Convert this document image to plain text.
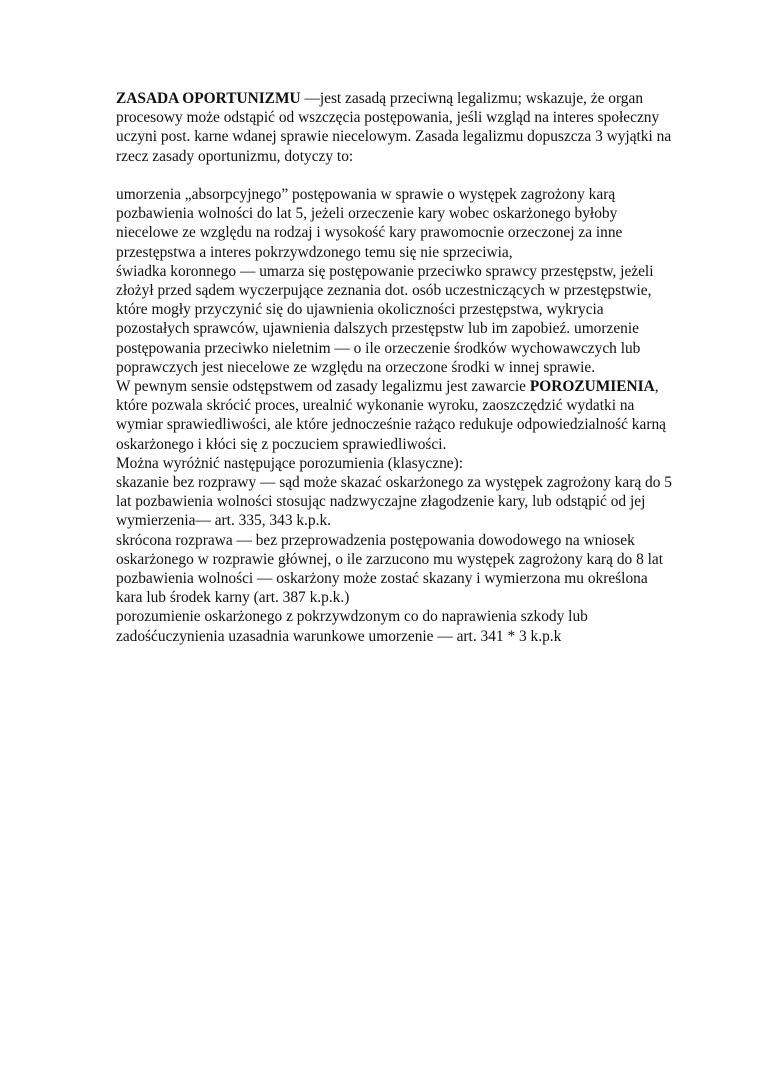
ZASADA OPORTUNIZMU —jest zasadą przeciwną legalizmu; wskazuje, że organ
procesowy może odstąpić od wszczęcia postępowania, jeśli wzgląd na interes społeczny
uczyni post. karne wdanej sprawie niecelowym. Zasada legalizmu dopuszcza 3 wyjątki na
rzecz zasady oportunizmu, dotyczy to:
umorzenia „absorpcyjnego” postępowania w sprawie o występek zagrożony karą
pozbawienia wolności do lat 5, jeżeli orzeczenie kary wobec oskarżonego byłoby
niecelowe ze względu na rodzaj i wysokość kary prawomocnie orzeczonej za inne
przestępstwa a interes pokrzywdzonego temu się nie sprzeciwia,
świadka koronnego — umarza się postępowanie przeciwko sprawcy przestępstw, jeżeli
złożył przed sądem wyczerpujące zeznania dot. osób uczestniczących w przestępstwie,
które mogły przyczynić się do ujawnienia okoliczności przestępstwa, wykrycia
pozostałych sprawców, ujawnienia dalszych przestępstw lub im zapobieź. umorzenie
postępowania przeciwko nieletnim — o ile orzeczenie środków wychowawczych lub
poprawczych jest niecelowe ze względu na orzeczone środki w innej sprawie.
W pewnym sensie odstępstwem od zasady legalizmu jest zawarcie POROZUMIENIA,
które pozwala skrócić proces, urealnić wykonanie wyroku, zaoszczędzić wydatki na
wymiar sprawiedliwości, ale które jednocześnie rażąco redukuje odpowiedzialność karną
oskarżonego i kłóci się z poczuciem sprawiedliwości.
Można wyróżnić następujące porozumienia (klasyczne):
skazanie bez rozprawy — sąd może skazać oskarżonego za występek zagrożony karą do 5
lat pozbawienia wolności stosując nadzwyczajne złagodzenie kary, lub odstąpić od jej
wymierzenia— art. 335, 343 k.p.k.
skrócona rozprawa — bez przeprowadzenia postępowania dowodowego na wniosek
oskarżonego w rozprawie głównej, o ile zarzucono mu występek zagrożony karą do 8 lat
pozbawienia wolności — oskarżony może zostać skazany i wymierzona mu określona
kara lub środek karny (art. 387 k.p.k.)
porozumienie oskarżonego z pokrzywdzonym co do naprawienia szkody lub
zadośćuczynienia uzasadnia warunkowe umorzenie — art. 341 * 3 k.p.k
